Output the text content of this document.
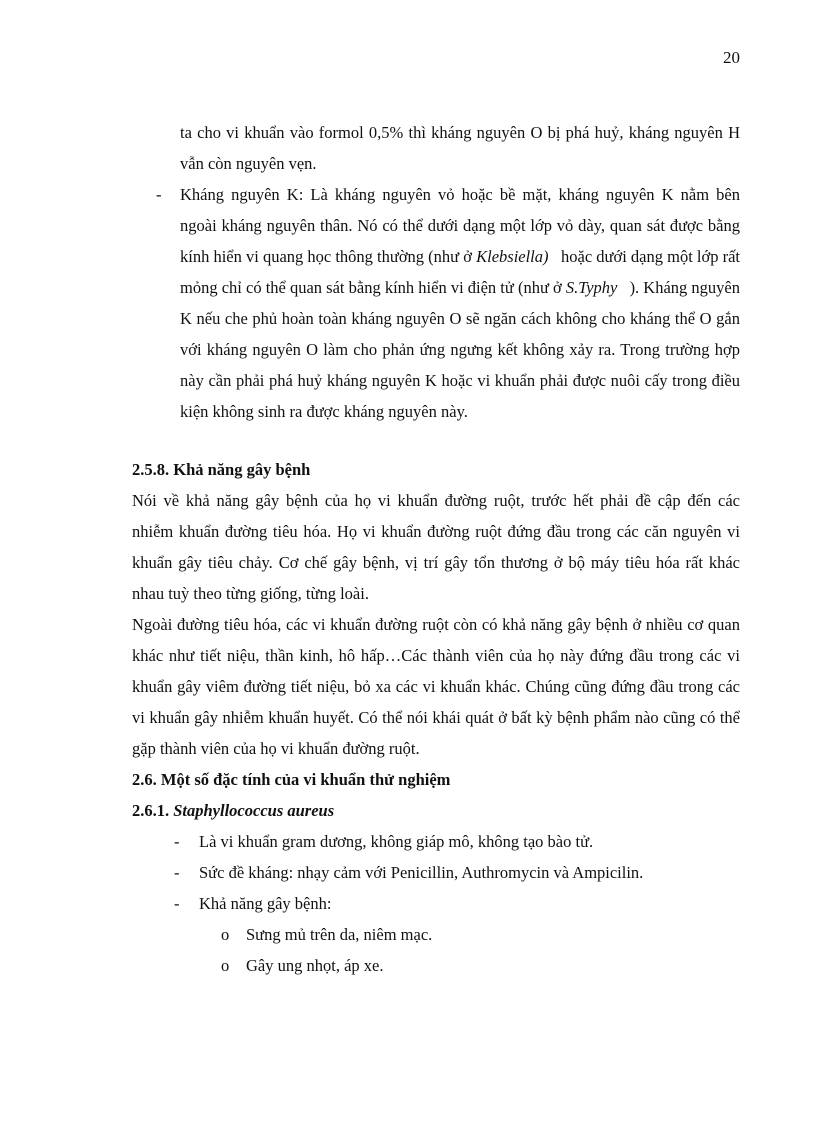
20
ta cho vi khuẩn vào formol 0,5% thì kháng nguyên O bị phá huỷ, kháng nguyên H
vẫn còn nguyên vẹn.
- Kháng nguyên K: Là kháng nguyên vỏ hoặc bề mặt, kháng nguyên K nằm bên
ngoài kháng nguyên thân. Nó có thể dưới dạng một lớp vỏ dày, quan sát được bằng
kính hiển vi quang học thông thường (như ở Klebsiella) hoặc dưới dạng một lớp rất
mỏng chỉ có thể quan sát bằng kính hiển vi điện tử (như ở S.Typhy ). Kháng nguyên
K nếu che phủ hoàn toàn kháng nguyên O sẽ ngăn cách không cho kháng thể O gắn
với kháng nguyên O làm cho phản ứng ngưng kết không xảy ra. Trong trường hợp
này cần phải phá huỷ kháng nguyên K hoặc vi khuẩn phải được nuôi cấy trong điều
kiện không sinh ra được kháng nguyên này.
2.5.8. Khả năng gây bệnh
Nói về khả năng gây bệnh của họ vi khuẩn đường ruột, trước hết phải đề cập đến các
nhiễm khuẩn đường tiêu hóa. Họ vi khuẩn đường ruột đứng đầu trong các căn nguyên vi
khuẩn gây tiêu chảy. Cơ chế gây bệnh, vị trí gây tổn thương ở bộ máy tiêu hóa rất khác
nhau tuỳ theo từng giống, từng loài.
Ngoài đường tiêu hóa, các vi khuẩn đường ruột còn có khả năng gây bệnh ở nhiều cơ quan
khác như tiết niệu, thần kinh, hô hấp…Các thành viên của họ này đứng đầu trong các vi
khuẩn gây viêm đường tiết niệu, bỏ xa các vi khuẩn khác. Chúng cũng đứng đầu trong các
vi khuẩn gây nhiễm khuẩn huyết. Có thể nói khái quát ở bất kỳ bệnh phẩm nào cũng có thể
gặp thành viên của họ vi khuẩn đường ruột.
2.6. Một số đặc tính của vi khuẩn thử nghiệm
2.6.1. Staphyllococcus aureus
- Là vi khuẩn gram dương, không giáp mô, không tạo bào tử.
- Sức đề kháng: nhạy cảm với Penicillin, Authromycin và Ampicilin.
- Khả năng gây bệnh:
o Sưng mủ trên da, niêm mạc.
o Gây ung nhọt, áp xe.
